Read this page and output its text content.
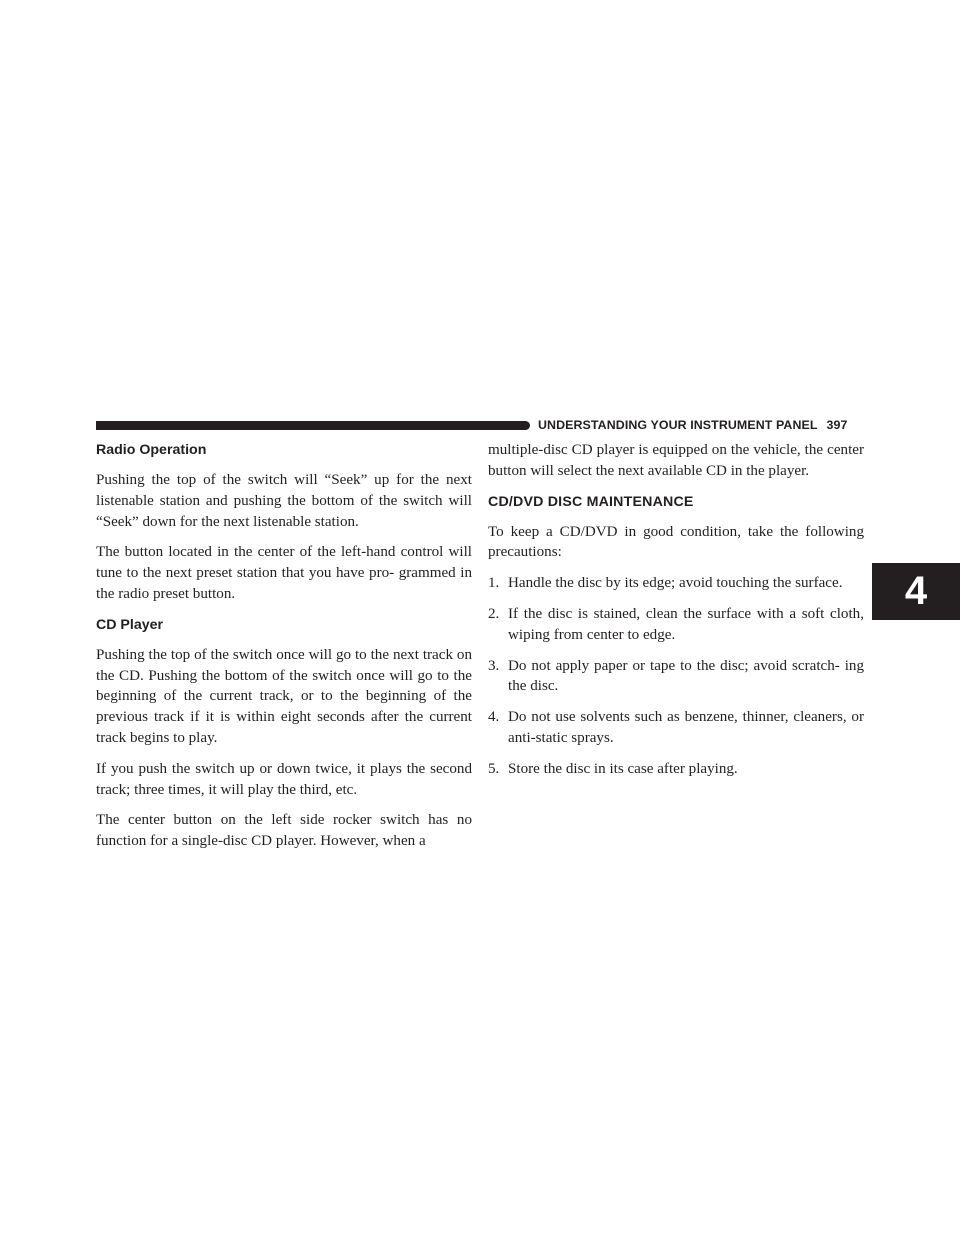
UNDERSTANDING YOUR INSTRUMENT PANEL 397
4
Radio Operation

Pushing the top of the switch will “Seek” up for the next listenable station and pushing the bottom of the switch will “Seek” down for the next listenable station.

The button located in the center of the left-hand control will tune to the next preset station that you have pro- grammed in the radio preset button.

CD Player

Pushing the top of the switch once will go to the next track on the CD. Pushing the bottom of the switch once will go to the beginning of the current track, or to the beginning of the previous track if it is within eight seconds after the current track begins to play.

If you push the switch up or down twice, it plays the second track; three times, it will play the third, etc.

The center button on the left side rocker switch has no function for a single-disc CD player. However, when a

multiple-disc CD player is equipped on the vehicle, the center button will select the next available CD in the player.

CD/DVD DISC MAINTENANCE

To keep a CD/DVD in good condition, take the following precautions:

1. Handle the disc by its edge; avoid touching the surface.
2. If the disc is stained, clean the surface with a soft cloth, wiping from center to edge.
3. Do not apply paper or tape to the disc; avoid scratch- ing the disc.
4. Do not use solvents such as benzene, thinner, cleaners, or anti-static sprays.
5. Store the disc in its case after playing.
